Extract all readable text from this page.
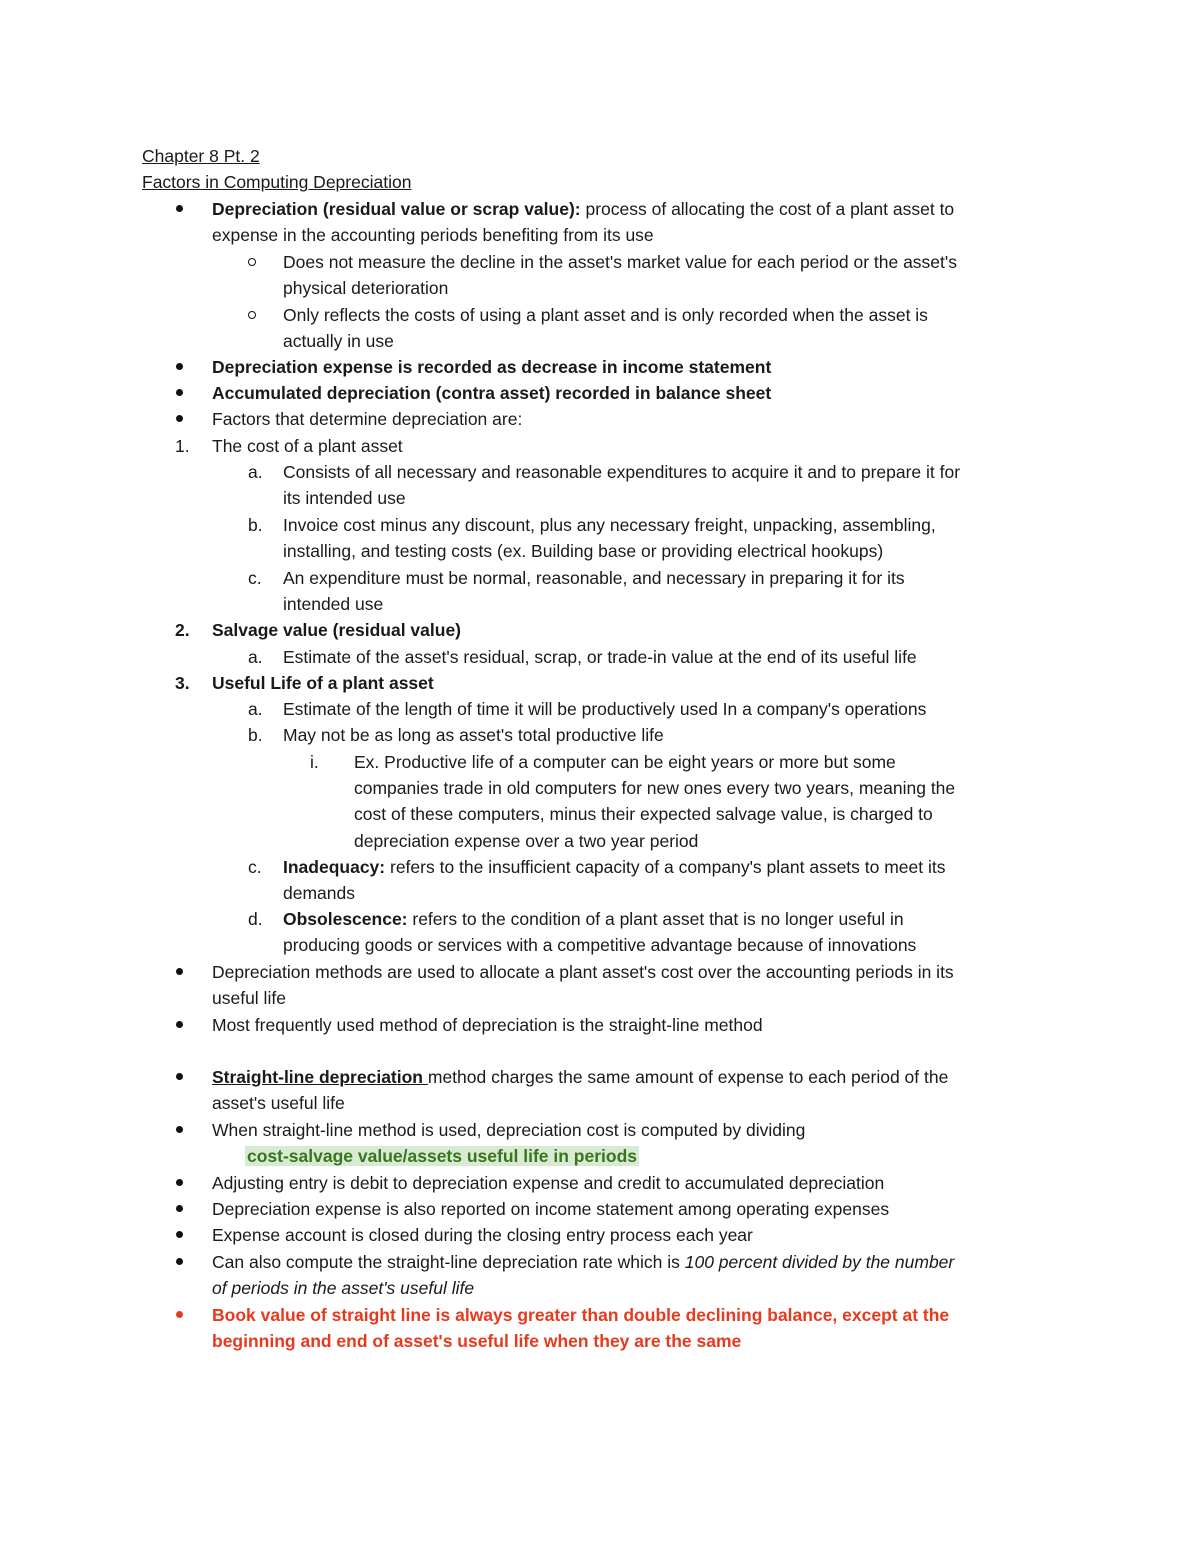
Chapter 8 Pt. 2
Factors in Computing Depreciation
Depreciation (residual value or scrap value): process of allocating the cost of a plant asset to
expense in the accounting periods benefiting from its use
Does not measure the decline in the asset's market value for each period or the asset's
physical deterioration
Only reflects the costs of using a plant asset and is only recorded when the asset is
actually in use
Depreciation expense is recorded as decrease in income statement
Accumulated depreciation (contra asset) recorded in balance sheet
Factors that determine depreciation are:
1. The cost of a plant asset
a. Consists of all necessary and reasonable expenditures to acquire it and to prepare it for
its intended use
b. Invoice cost minus any discount, plus any necessary freight, unpacking, assembling,
installing, and testing costs (ex. Building base or providing electrical hookups)
c. An expenditure must be normal, reasonable, and necessary in preparing it for its
intended use
2. Salvage value (residual value)
a. Estimate of the asset's residual, scrap, or trade-in value at the end of its useful life
3. Useful Life of a plant asset
a. Estimate of the length of time it will be productively used In a company's operations
b. May not be as long as asset's total productive life
i. Ex. Productive life of a computer can be eight years or more but some
companies trade in old computers for new ones every two years, meaning the
cost of these computers, minus their expected salvage value, is charged to
depreciation expense over a two year period
c. Inadequacy: refers to the insufficient capacity of a company's plant assets to meet its
demands
d. Obsolescence: refers to the condition of a plant asset that is no longer useful in
producing goods or services with a competitive advantage because of innovations
Depreciation methods are used to allocate a plant asset's cost over the accounting periods in its
useful life
Most frequently used method of depreciation is the straight-line method
Straight-line depreciation method charges the same amount of expense to each period of the
asset's useful life
When straight-line method is used, depreciation cost is computed by dividing
cost-salvage value/assets useful life in periods
Adjusting entry is debit to depreciation expense and credit to accumulated depreciation
Depreciation expense is also reported on income statement among operating expenses
Expense account is closed during the closing entry process each year
Can also compute the straight-line depreciation rate which is 100 percent divided by the number
of periods in the asset's useful life
Book value of straight line is always greater than double declining balance, except at the
beginning and end of asset's useful life when they are the same
